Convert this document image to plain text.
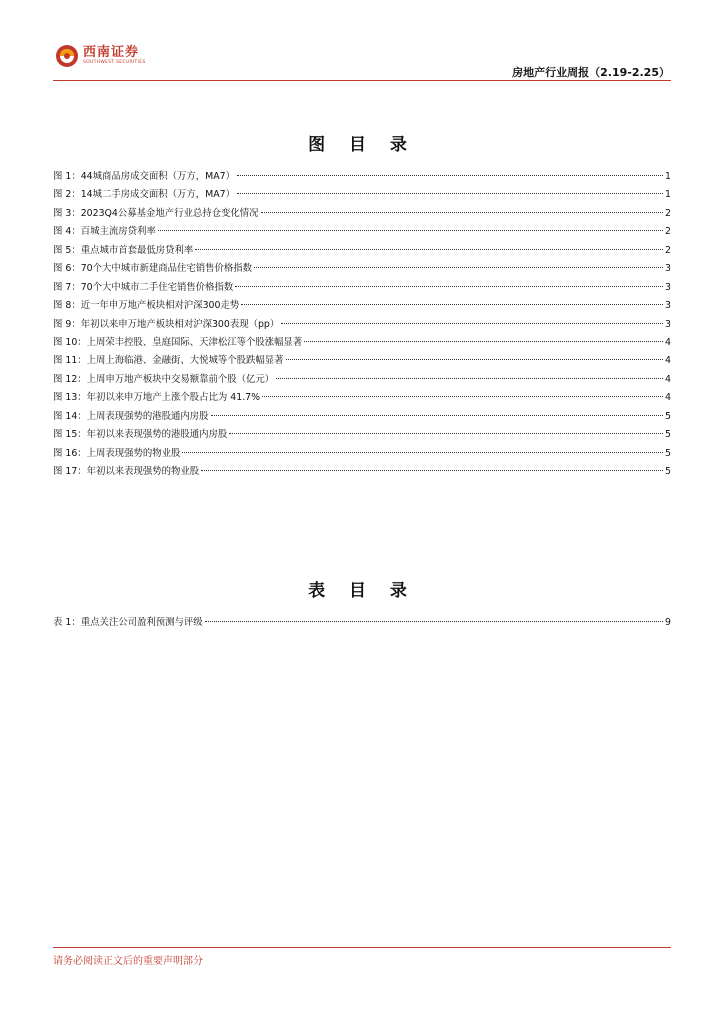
西南证券
SOUTHWEST SECURITIES
房地产行业周报（2.19-2.25）
图 目 录
图 1：44城商品房成交面积（万方，MA7）	1
图 2：14城二手房成交面积（万方，MA7）	1
图 3：2023Q4公募基金地产行业总持仓变化情况	2
图 4：百城主流房贷利率	2
图 5：重点城市首套最低房贷利率	2
图 6：70个大中城市新建商品住宅销售价格指数	3
图 7：70个大中城市二手住宅销售价格指数	3
图 8：近一年申万地产板块相对沪深300走势	3
图 9：年初以来申万地产板块相对沪深300表现（pp）	3
图 10：上周荣丰控股、皇庭国际、天津松江等个股涨幅显著	4
图 11：上周上海临港、金融街、大悦城等个股跌幅显著	4
图 12：上周申万地产板块中交易额靠前个股（亿元）	4
图 13：年初以来申万地产上涨个股占比为 41.7%	4
图 14：上周表现强势的港股通内房股	5
图 15：年初以来表现强势的港股通内房股	5
图 16：上周表现强势的物业股	5
图 17：年初以来表现强势的物业股	5
表 目 录
表 1：重点关注公司盈利预测与评级	9
请务必阅读正文后的重要声明部分
